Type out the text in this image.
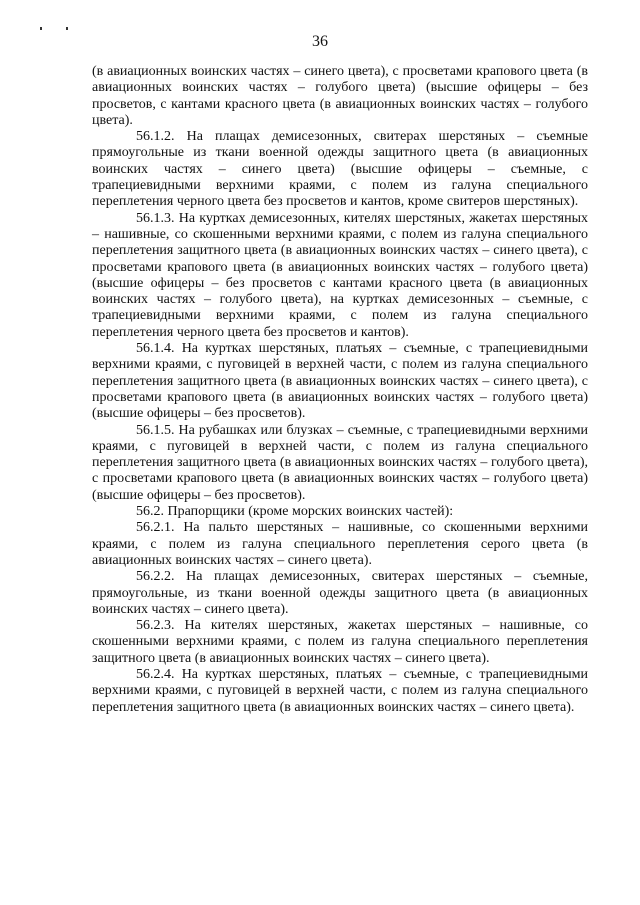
36

(в авиационных воинских частях – синего цвета), с просветами крапового цвета (в авиационных воинских частях – голубого цвета) (высшие офицеры – без просветов, с кантами красного цвета (в авиационных воинских частях – голубого цвета).

56.1.2. На плащах демисезонных, свитерах шерстяных – съемные прямоугольные из ткани военной одежды защитного цвета (в авиационных воинских частях – синего цвета) (высшие офицеры – съемные, с трапециевидными верхними краями, с полем из галуна специального переплетения черного цвета без просветов и кантов, кроме свитеров шерстяных).

56.1.3. На куртках демисезонных, кителях шерстяных, жакетах шерстяных – нашивные, со скошенными верхними краями, с полем из галуна специального переплетения защитного цвета (в авиационных воинских частях – синего цвета), с просветами крапового цвета (в авиационных воинских частях – голубого цвета) (высшие офицеры – без просветов с кантами красного цвета (в авиационных воинских частях – голубого цвета), на куртках демисезонных – съемные, с трапециевидными верхними краями, с полем из галуна специального переплетения черного цвета без просветов и кантов).

56.1.4. На куртках шерстяных, платьях – съемные, с трапециевидными верхними краями, с пуговицей в верхней части, с полем из галуна специального переплетения защитного цвета (в авиационных воинских частях – синего цвета), с просветами крапового цвета (в авиационных воинских частях – голубого цвета) (высшие офицеры – без просветов).

56.1.5. На рубашках или блузках – съемные, с трапециевидными верхними краями, с пуговицей в верхней части, с полем из галуна специального переплетения защитного цвета (в авиационных воинских частях – голубого цвета), с просветами крапового цвета (в авиационных воинских частях – голубого цвета) (высшие офицеры – без просветов).

56.2. Прапорщики (кроме морских воинских частей):

56.2.1. На пальто шерстяных – нашивные, со скошенными верхними краями, с полем из галуна специального переплетения серого цвета (в авиационных воинских частях – синего цвета).

56.2.2. На плащах демисезонных, свитерах шерстяных – съемные, прямоугольные, из ткани военной одежды защитного цвета (в авиационных воинских частях – синего цвета).

56.2.3. На кителях шерстяных, жакетах шерстяных – нашивные, со скошенными верхними краями, с полем из галуна специального переплетения защитного цвета (в авиационных воинских частях – синего цвета).

56.2.4. На куртках шерстяных, платьях – съемные, с трапециевидными верхними краями, с пуговицей в верхней части, с полем из галуна специального переплетения защитного цвета (в авиационных воинских частях – синего цвета).
